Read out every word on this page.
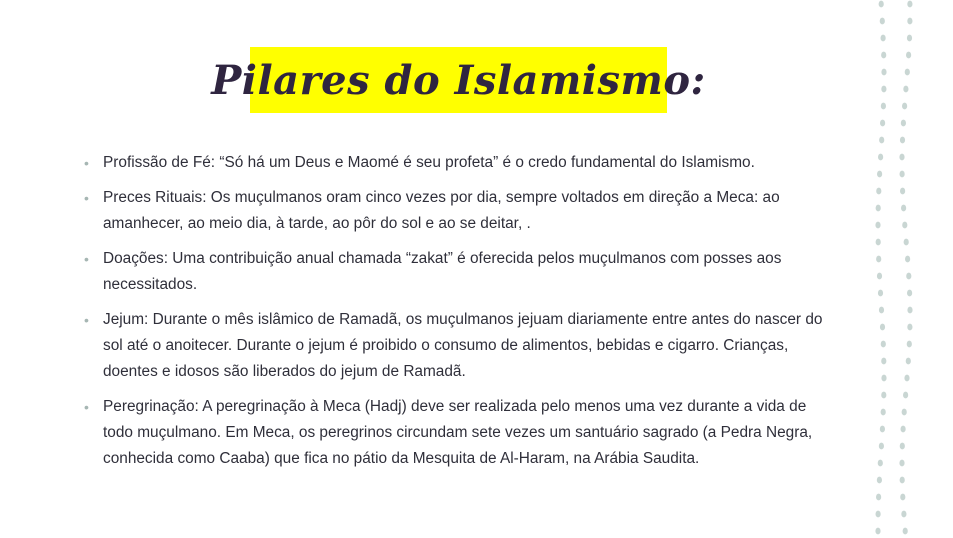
Pilares do Islamismo:
• Profissão de Fé: “Só há um Deus e Maomé é seu profeta” é o credo fundamental do Islamismo.
• Preces Rituais: Os muçulmanos oram cinco vezes por dia, sempre voltados em direção a Meca: ao amanhecer, ao meio dia, à tarde, ao pôr do sol e ao se deitar, .
• Doações: Uma contribuição anual chamada “zakat” é oferecida pelos muçulmanos com posses aos necessitados.
• Jejum: Durante o mês islâmico de Ramadã, os muçulmanos jejuam diariamente entre antes do nascer do sol até o anoitecer. Durante o jejum é proibido o consumo de alimentos, bebidas e cigarro. Crianças, doentes e idosos são liberados do jejum de Ramadã.
• Peregrinação: A peregrinação à Meca (Hadj) deve ser realizada pelo menos uma vez durante a vida de todo muçulmano. Em Meca, os peregrinos circundam sete vezes um santuário sagrado (a Pedra Negra, conhecida como Caaba) que fica no pátio da Mesquita de Al-Haram, na Arábia Saudita.
